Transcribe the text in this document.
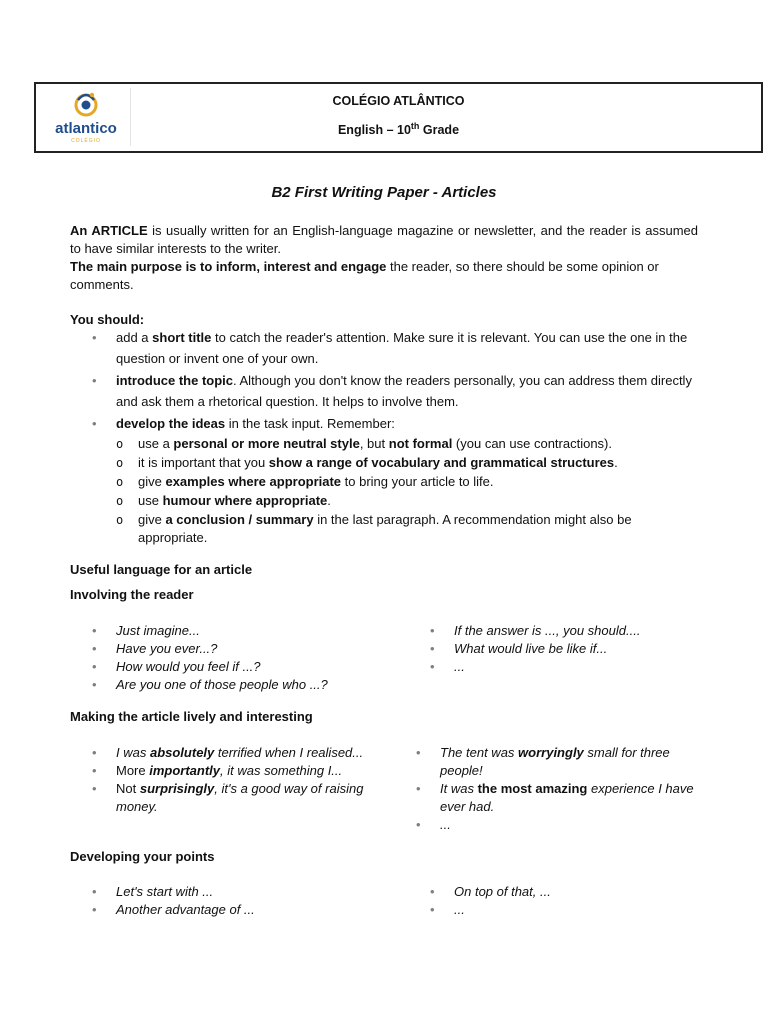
atlantico
COLÉGIO
COLÉGIO ATLÂNTICO
English – 10th Grade
B2 First Writing Paper - Articles
An ARTICLE is usually written for an English-language magazine or newsletter, and the reader is assumed to have similar interests to the writer.
The main purpose is to inform, interest and engage the reader, so there should be some opinion or comments.
You should:
• add a short title to catch the reader's attention. Make sure it is relevant. You can use the one in the question or invent one of your own.
• introduce the topic. Although you don't know the readers personally, you can address them directly and ask them a rhetorical question. It helps to involve them.
• develop the ideas in the task input. Remember:
o use a personal or more neutral style, but not formal (you can use contractions).
o it is important that you show a range of vocabulary and grammatical structures.
o give examples where appropriate to bring your article to life.
o use humour where appropriate.
o give a conclusion / summary in the last paragraph. A recommendation might also be appropriate.
Useful language for an article
Involving the reader
• Just imagine...
• Have you ever...?
• How would you feel if ...?
• Are you one of those people who ...?
• If the answer is ..., you should....
• What would live be like if...
• ...
Making the article lively and interesting
• I was absolutely terrified when I realised...
• More importantly, it was something I...
• Not surprisingly, it's a good way of raising money.
• The tent was worryingly small for three people!
• It was the most amazing experience I have ever had.
• ...
Developing your points
• Let's start with ...
• Another advantage of ...
• On top of that, ...
• ...
